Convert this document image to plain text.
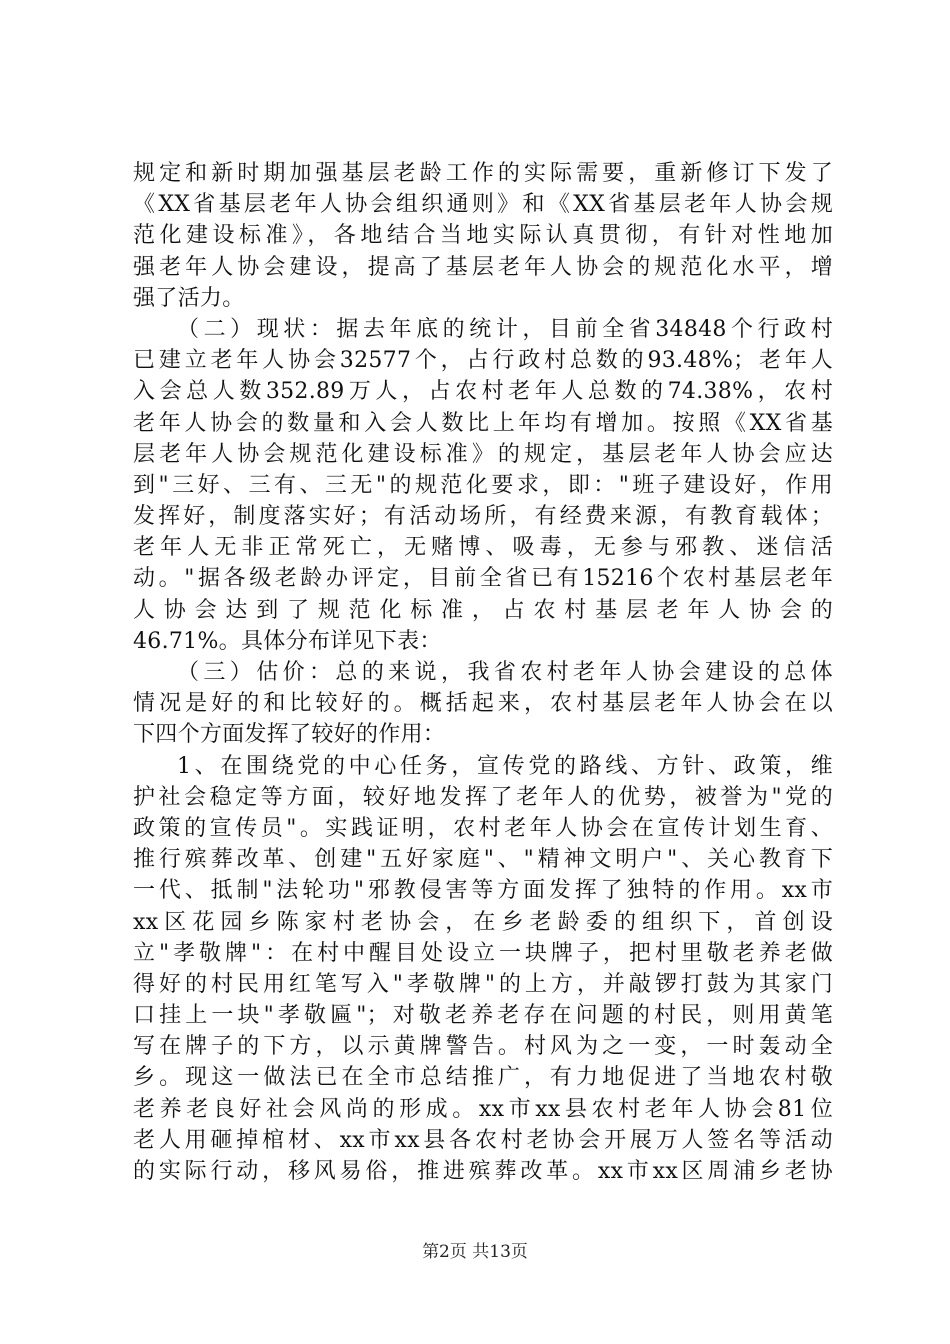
规定和新时期加强基层老龄工作的实际需要，重新修订下发了
《XX省基层老年人协会组织通则》和《XX省基层老年人协会规
范化建设标准》，各地结合当地实际认真贯彻，有针对性地加
强老年人协会建设，提高了基层老年人协会的规范化水平，增
强了活力。
（二）现状：据去年底的统计，目前全省34848个行政村
已建立老年人协会32577个，占行政村总数的93.48%；老年人
入会总人数352.89万人，占农村老年人总数的74.38%，农村
老年人协会的数量和入会人数比上年均有增加。按照《XX省基
层老年人协会规范化建设标准》的规定，基层老年人协会应达
到"三好、三有、三无"的规范化要求，即："班子建设好，作用
发挥好，制度落实好；有活动场所，有经费来源，有教育载体；
老年人无非正常死亡，无赌博、吸毒，无参与邪教、迷信活
动。"据各级老龄办评定，目前全省已有15216个农村基层老年
人协会达到了规范化标准，占农村基层老年人协会的
46.71%。具体分布详见下表：
（三）估价：总的来说，我省农村老年人协会建设的总体
情况是好的和比较好的。概括起来，农村基层老年人协会在以
下四个方面发挥了较好的作用：
1、在围绕党的中心任务，宣传党的路线、方针、政策，维
护社会稳定等方面，较好地发挥了老年人的优势，被誉为"党的
政策的宣传员"。实践证明，农村老年人协会在宣传计划生育、
推行殡葬改革、创建"五好家庭"、"精神文明户"、关心教育下
一代、抵制"法轮功"邪教侵害等方面发挥了独特的作用。xx市
xx区花园乡陈家村老协会，在乡老龄委的组织下，首创设
立"孝敬牌"：在村中醒目处设立一块牌子，把村里敬老养老做
得好的村民用红笔写入"孝敬牌"的上方，并敲锣打鼓为其家门
口挂上一块"孝敬匾"；对敬老养老存在问题的村民，则用黄笔
写在牌子的下方，以示黄牌警告。村风为之一变，一时轰动全
乡。现这一做法已在全市总结推广，有力地促进了当地农村敬
老养老良好社会风尚的形成。xx市xx县农村老年人协会81位
老人用砸掉棺材、xx市xx县各农村老协会开展万人签名等活动
的实际行动，移风易俗，推进殡葬改革。xx市xx区周浦乡老协
第2页 共13页
